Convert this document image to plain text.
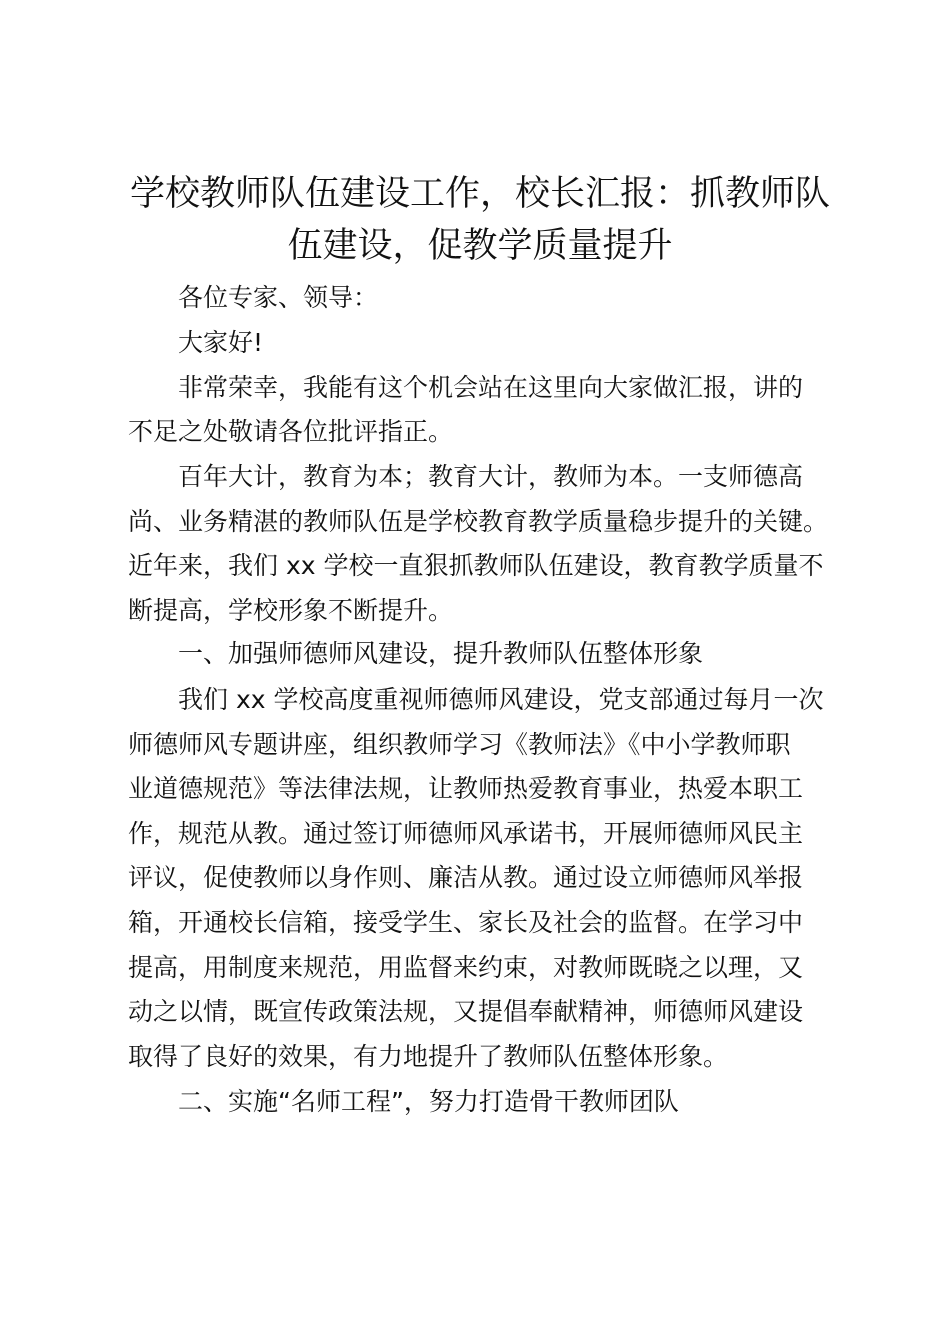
学校教师队伍建设工作，校长汇报：抓教师队
伍建设，促教学质量提升

各位专家、领导：

大家好!

非常荣幸，我能有这个机会站在这里向大家做汇报，讲的

不足之处敬请各位批评指正。

百年大计，教育为本；教育大计，教师为本。一支师德高

尚、业务精湛的教师队伍是学校教育教学质量稳步提升的关键。

近年来，我们 xx 学校一直狠抓教师队伍建设，教育教学质量不

断提高，学校形象不断提升。

一、加强师德师风建设，提升教师队伍整体形象

我们 xx 学校高度重视师德师风建设，党支部通过每月一次

师德师风专题讲座，组织教师学习《教师法》《中小学教师职

业道德规范》等法律法规，让教师热爱教育事业，热爱本职工

作，规范从教。通过签订师德师风承诺书，开展师德师风民主

评议，促使教师以身作则、廉洁从教。通过设立师德师风举报

箱，开通校长信箱，接受学生、家长及社会的监督。在学习中

提高，用制度来规范，用监督来约束，对教师既晓之以理，又

动之以情，既宣传政策法规，又提倡奉献精神，师德师风建设

取得了良好的效果，有力地提升了教师队伍整体形象。

二、实施“名师工程”，努力打造骨干教师团队
